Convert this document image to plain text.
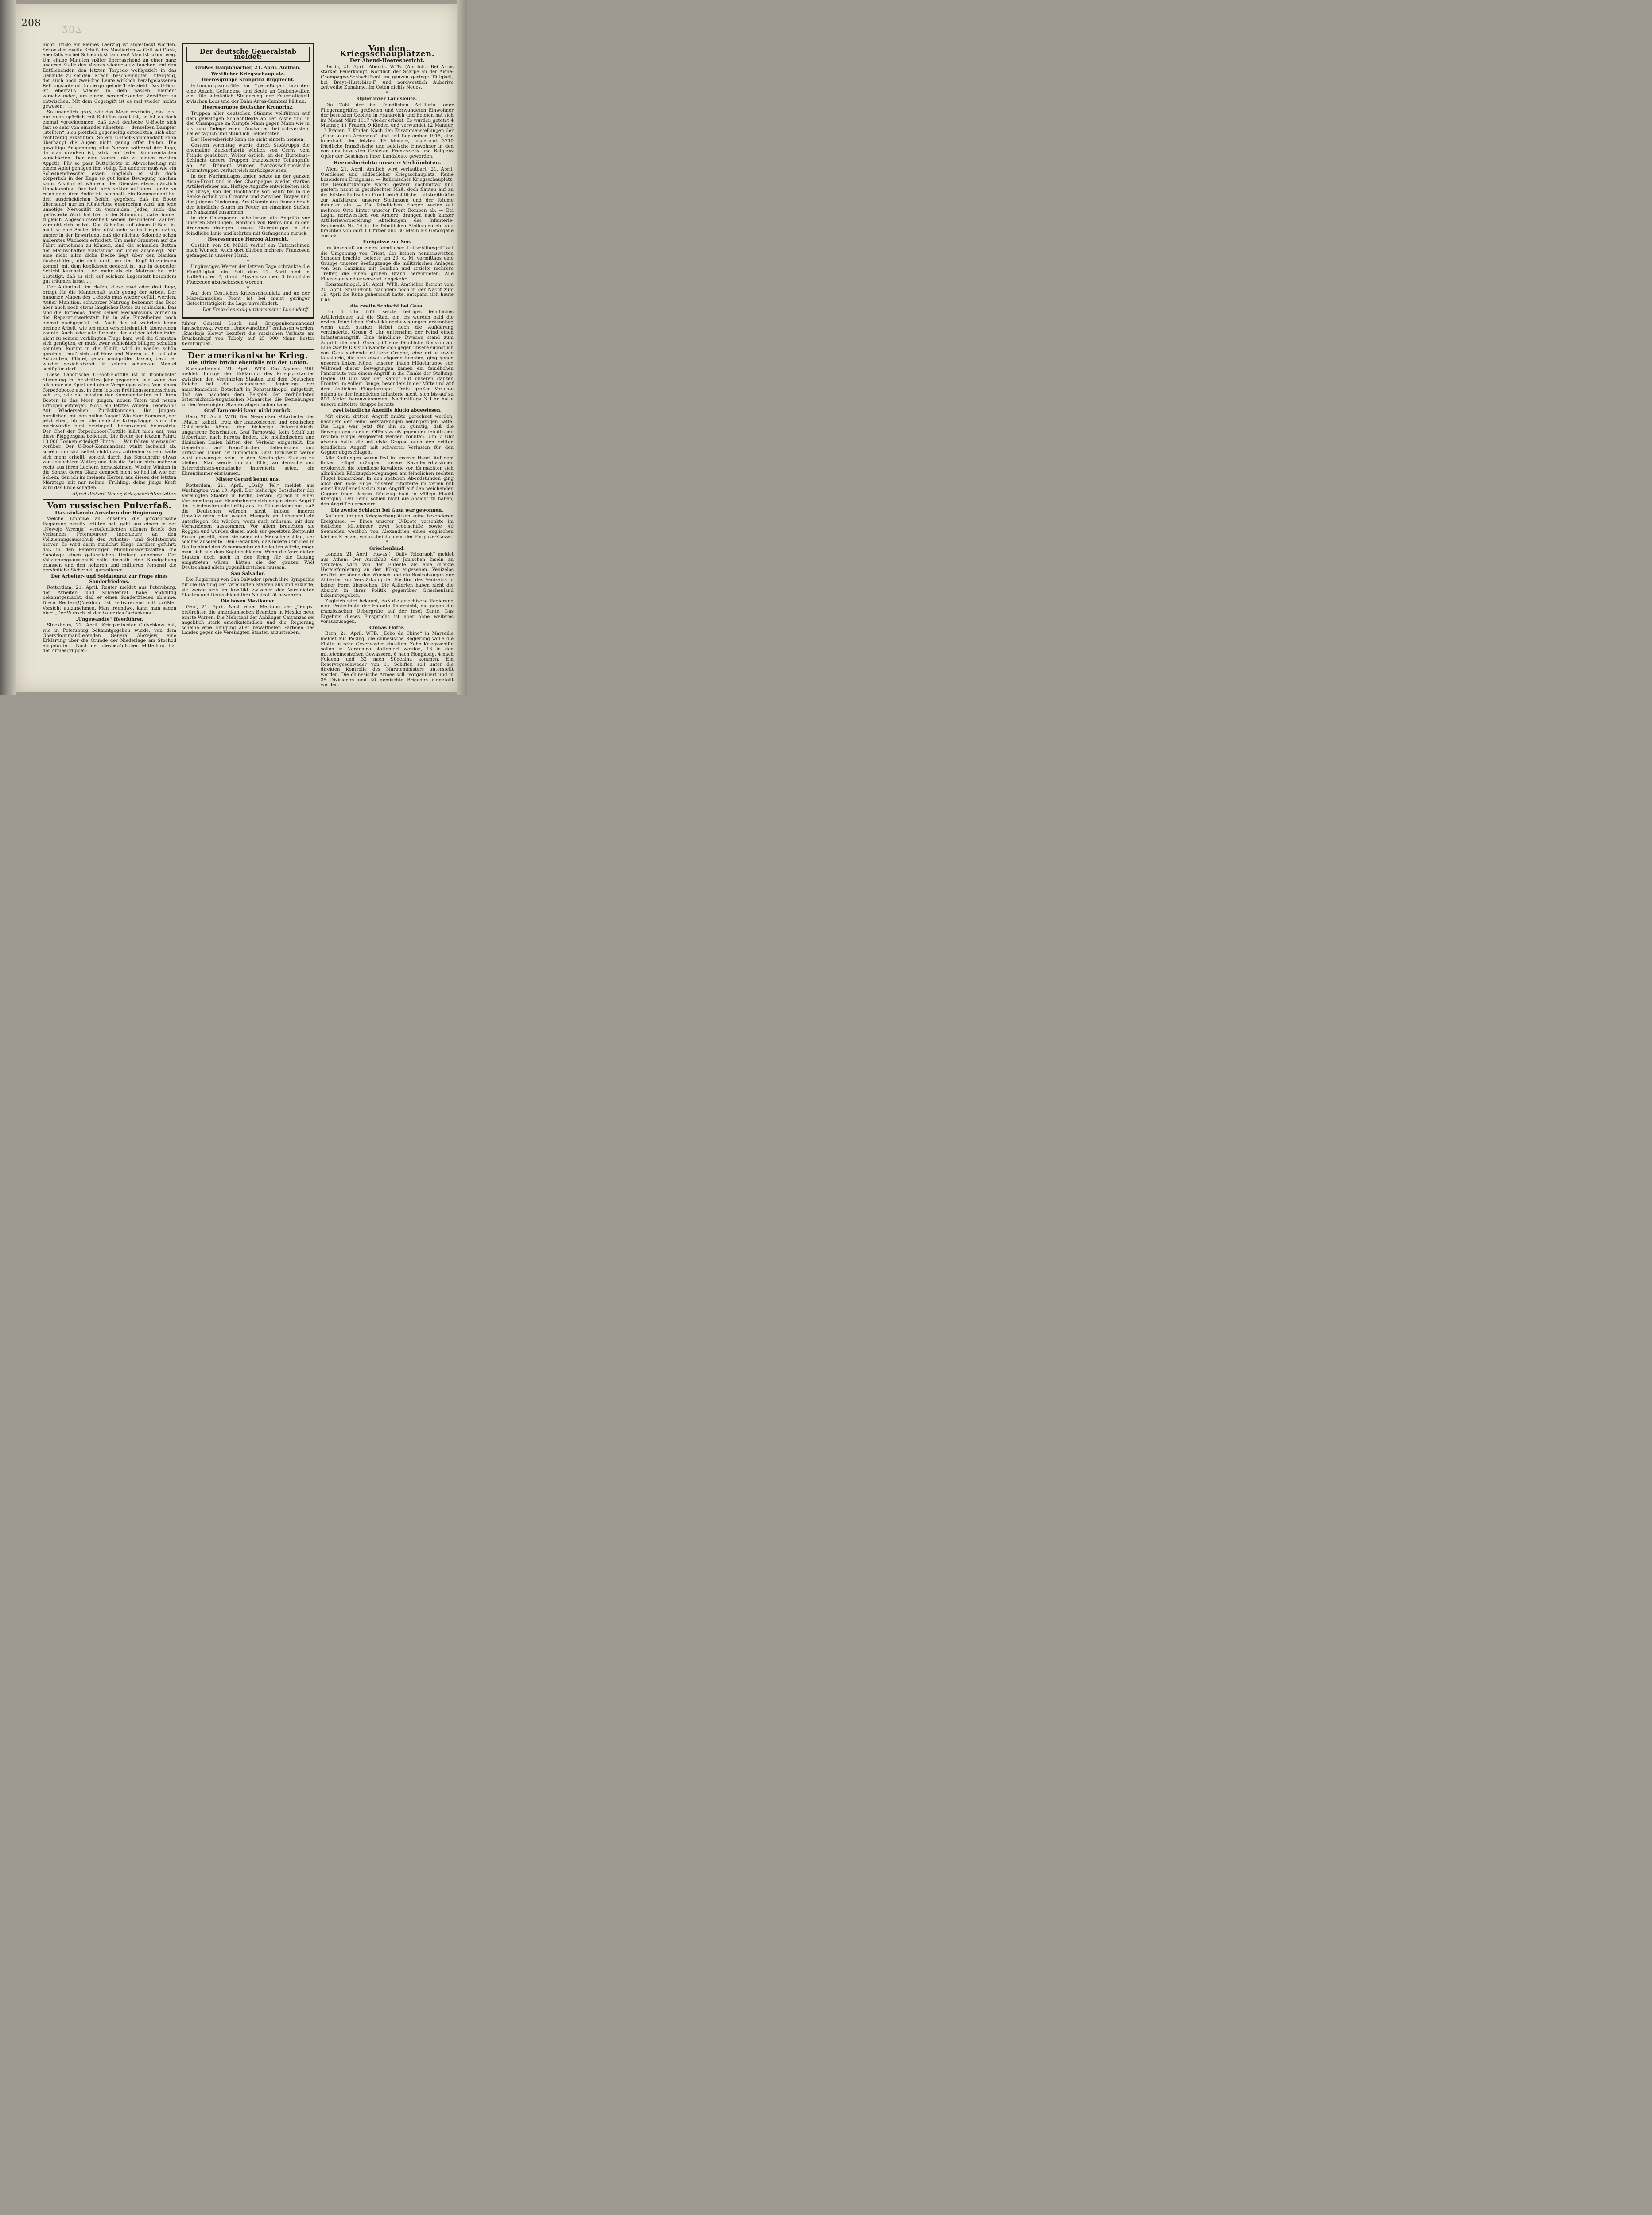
208 207

nicht. Trick: ein kleines Leerzug ist angesteckt worden. Schon der zweite Schuß des Mastierten — Gott sei Dank, ebenfalls vorbei Schleunigst tauchen! Man ist schon weg. Um einige Minuten später überraschend an einer ganz anderen Stelle des Meeres wieder aufzutauchen und den Entfliehenden den letzten Torpedo wohlgezielt in das Gebäude zu senden. Krach, beschleunigter Untergang, der auch noch zwei-drei Leute wirklich herabgelassenen Rettungsbote mit in die gurgelnde Tiefe zieht. Das U-Boot ist ebenfalls wieder in dem nassen Element verschwunden, um einem heranrückenden Zerstörer zu entwischen. Mit dem Gegengift ist es mal wieder nichts gewesen. . . .

So unendlich groß, wie das Meer erscheint, das jetzt nur noch spärlich mit Schiffen gesät ist, so ist es doch einmal vorgekommen, daß zwei deutsche U-Boote sich fast so sehr von einander näherten — denselben Dampfer „stellten“, sich plötzlich gegenseitig entdeckten, sich aber rechtzeitig erkannten. So ein U-Boot-Kommandant kann überhaupt die Augen nicht genug offen halten. Die gewaltige Anspannung aller Nerven während der Tage, da man draußen ist, wirkt auf jeden Kommandanten verschieden. Der eine kommt nie zu einem rechten Appetit. Für so paar Butterbröte in Abwechselung mit einem Apfel genügen ihm völlig. Ein anderer muß wie ein Scheunendrescher essen, obgleich er sich doch körperlich in der Enge so gut keine Bewegung machen kann. Alkohol ist während des Dienstes etwas gänzlich Unbekanntes. Das holt sich später auf dem Lande so reich nach dem Bedürfnis nachholt. Ein Kommandant hat den ausdrücklichen Befehl gegeben, daß im Boote überhaupt nur im Flüstertone gesprochen wird, um jede unnötige Nervosität zu vermeiden. Jedes, auch das geflüsterte Wort, hat hier in der Stimmung, dabei immer zugleich Abgeschlossenheit seinen besonderen Zauber, versteht sich selbst. Das Schlafen auf einem U-Boot ist auch so eine Sache. Man döst mehr so im Liegen dahin, immer in der Erwartung, daß die nächste Sekunde schon äußerstes Wachsein erfordert. Um mehr Granaten auf die Fahrt mitnehmen zu können, sind die schmalen Betten der Mannschaften vollständig mit ihnen ausgelegt. Nur eine nicht allzu dicke Decke liegt über den blanken Zuckerhüten, die sich dort, wo der Kopf hinzuliegen kommt, mit dem Kopfkissen gedacht ist, gar in doppelter Schicht kuscheln. Und mehr als ein Matrose hat mir bestätigt, daß es sich auf solchem Lagerstatt besonders gut träumen lasse. . . .

Der Aufenthalt im Hafen, diese zwei oder drei Tage, bringt für die Mannschaft auch genug der Arbeit. Der hungrige Magen des U-Boots muß wieder gefüllt werden. Außer Munition, schwarzer Nahrung bekommt das Boot aber auch noch etwas längliches Rotes zu schlucken. Das sind die Torpedos, deren seiner Mechanismus vorher in der Reparaturwerkstatt bis in alle Einzelheiten noch einmal nachgeprüft ist. Auch das ist wahrlich keine geringe Arbeit, wie ich mich verschiedentlich überzeugen konnte. Auch jeder alte Torpedo, der auf der letzten Fahrt nicht zu seinem verhängten Fluge kam, weil die Granaten sich genügten, er mußt zwar schließlich billiger, schaffen konnten, kommt in die Klinik, wird in wieder schön gereinigt, muß sich auf Herz und Nieren, d. h. auf alle Schrauben, Flügel, genau nachprüfen lassen, bevor er wieder gesichtsbereit in seinen schlanken Mantel schlüpfen darf. . . .

Diese flandrische U-Boot-Flottille ist in fröhlichster Stimmung in ihr drittes Jahr gegangen, wie wenn das alles nur ein Spiel und eines Vergnügen wäre. Von einem Torpedoboote aus, in dem letzten Frühlingssonnenschein, sah ich, wie die meisten der Kommandanten mit ihren Booten in das Meer gingen, neuen Taten und neuen Erfolgen entgegen. Noch ein letztes Winken. Lebewohl! Auf Wiedersehen! Zurückkommen, Ihr Jungen, herzlichen, mit den hellen Augen! Wie Euer Kamerad, der jetzt eben, hinten die deutsche Kriegsflagge, vorn die merkwürdig bunt bewimpelt, herankommt heimwärts. Der Chef der Torpedoboot-Flottille klärt mich auf, was diese Flaggengala bedeutet. Die Beute der letzten Fahrt: 13 000 Tonnen erledigt! Hurra! — Wir fahren aneinander vorüber. Der U-Boot-Kommandant winkt lächelnd ab, scheint mir sich selbst nicht ganz zufrieden zu sein hatte sich mehr erhofft; spricht durch das Sprachrohr etwas von schlechtem Wetter, und daß die Ratten nicht mehr so recht aus ihren Löchern herauskämen. Wieder Winken in die Sonne, deren Glanz dennoch nicht so hell ist wie der Schein, den ich im meinem Herzen aus diesen der letzten Märztage mit mir nehme. Frühling, deine junge Kraft wird das Ende schaffen!

Alfred Richard Neuer, Kriegsberichterstatter.
Vom russischen Pulverfaß.
Das sinkende Ansehen der Regierung.

Welche Einbuße an Ansehen die provisorische Regierung bereits erlitten hat, geht aus einem in der „Nowoje Wremja“ veröffentlichten offenen Briefe des Verbandes Petersburger Ingenieure an den Vollziehungsausschuß des Arbeiter- und Soldatenrats hervor. Es wird darin zunächst Klage darüber geführt, daß in den Petersburger Munitionswerkstätten die Sabotage einen gefährlichen Umfang annehme. Der Vollziehungsausschuß solle deshalb eine Kundgebung erlassen und den höheren und mittleren Personal die persönliche Sicherheit garantieren.

Der Arbeiter- und Soldatenrat zur Frage eines Sonderfriedens.

Rotterdam, 21. April. Reuter meldet aus Petersburg, der Arbeiter- und Soldatenrat habe endgültig bekanntgemacht, daß er einen Sonderfrieden ablehne. Diese Reuter-(!)Meldung ist selbstredend mit größter Vorsicht aufzunehmen. Man irgendwo, kann man sagen hier: „Der Wunsch ist der Vater des Gedankens.“

„Ungewandte“ Heerführer.

Stockholm, 21. April. Kriegsminister Gutschkow hat, wie in Petersburg bekanntgegeben wurde, von dem Oberstkommandierenden, General Alexejew, eine Erklärung über die Gründe der Niederlage am Stochod eingefordert. Nach der diesbezüglichen Mitteilung hat der Armeegruppen-

Der deutsche Generalstab meldet:
Großes Hauptquartier, 21. April. Amtlich.
Westlicher Kriegsschauplatz.
Heeresgruppe Kronprinz Rupprecht.

Erkundungsvorstöße im Ypern-Bogen brachten eine Anzahl Gefangene und Beute an Grabenwaffen ein. Die allmählich Steigerung der Feuertätigkeit zwischen Loos und der Bahn Arras-Cambrai hält an.

Heeresgruppe deutscher Kronprinz.

Truppen aller deutschen Stämme vollführen auf dem gewaltigen Schlachtfelde an der Aisne und in der Champagne im Kampfe Mann gegen Mann wie in bis zum Todegetreuem Ausharren bei schwerstem Feuer täglich und stündlich Heldentaten.

Der Heeresbericht kann sie nicht einzeln nennen.

Gestern vormittag wurde durch Stoßtrupps die ehemalige Zuckerfabrik südlich von Cerny vom Feinde gesäubert. Weiter östlich, an der Hurtebise-Schlucht unsere Truppen französische Teilangriffe ab. Am Brimont wurden französisch-russische Sturmtruppen verlustreich zurückgewiesen.

In den Nachmittagsstunden setzte an der ganzen Aisne-Front und in der Champagne wieder starkes Artilleriefeuer ein. Heftige Angriffe entwickelten sich bei Braye, von der Hochfläche von Vailly bis in die Senke östlich von Craonne und zwischen Brayes und der Juignes-Niederung. Am Chemin des Dames brach der feindliche Sturm im Feuer, an einzelnen Stellen im Nahkampf zusammen.

In der Champagne scheiterten die Angriffe vor unseren Stellungen. Nördlich von Reims und in den Argonnen drangen unsere Sturmtrupps in die feindliche Linie und kehrten mit Gefangenen zurück.

Heeresgruppe Herzog Albrecht.

Oestlich von St. Mihiel verlief ein Unternehmen nach Wunsch. Auch dort blieben mehrere Franzosen gefangen in unserer Hand.

*

Ungünstiges Wetter der letzten Tage schränkte die Flugtätigkeit ein. Seit dem 17. April sind in Luftkämpfen 7, durch Abwehrkanonen 3 feindliche Flugzeuge abgeschossen worden.

*

Auf dem Oestlichen Kriegsschauplatz und an der Mazedonischen Front ist bei meist geringer Gefechtstätigkeit die Lage unverändert.

Der Erste Generalquartiermeister, Ludendorff.

führer General Lesch und Gruppenkommandant Januschewski wegen „Ungewandtheit“ entlassen worden. „Russkoje Slowo“ beziffert die russischen Verluste am Brückenkopf von Toboly auf 25 000 Mann bester Kerntruppen.

Der amerikanische Krieg.
Die Türkei bricht ebenfalls mit der Union.

Konstantinopel, 21. April. WTB. Die Agence Milli meldet: Infolge der Erklärung des Kriegszustandes zwischen den Vereinigten Staaten und dem Deutschen Reiche hat die osmanische Regierung der amerikanischen Botschaft in Konstantinopel mitgeteilt, daß sie, nachdem dem Beispiel der verbündeten österreichisch-ungarischen Monarchie die Beziehungen zu den Vereinigten Staaten abgebrochen habe.

Graf Tarnowski kann nicht zurück.

Bern, 20. April. WTB. Der Newyorker Mitarbeiter des „Matin“ kabelt, trotz der französischen und englischen Geleitbriefe könne der bisherige österreichisch-ungarische Botschafter, Graf Tarnowski, kein Schiff zur Ueberfahrt nach Europa finden. Die holländischen und dänischen Linien hätten den Verkehr eingestellt. Die Ueberfahrt auf französischen, italienischen und britischen Linien sei unmöglich. Graf Tarnowski werde wohl gezwungen sein, in den Vereinigten Staaten zu bleiben. Man werde ihn auf Ellis, wo deutsche und österreichisch-ungarische Internierte seien, ein Ehrenzimmer einräumen.

Mister Gerard kennt uns.

Rotterdam, 21. April. „Daily Tel.“ meldet aus Washington vom 19. April: Der bisherige Botschafter der Vereinigten Staaten in Berlin, Gerard, sprach in einer Versammlung von Eisenbahnern sich gegen einen Angriff der Friedensfreunde heftig aus. Er führte dabei aus, daß die Deutschen würden nicht infolge innerer Umwälzungen oder wegen Mangels an Lebensmitteln unterliegen. Sie würden, wenn auch mühsam, mit dem Vorhandenen auskommen. Vor allem brauchten sie Roggen und würden diesen auch zur gesetzten Zeitpunkt Probe gestellt, aber sie seien ein Menschenschlag, der solches ausdiente. Den Gedanken, daß innere Unruhen in Deutschland den Zusammenbruch bedeuten würde, möge man sich aus dem Kopfe schlagen. Wenn die Vereinigten Staaten doch noch in den Krieg für die Leitung eingetreten wären, hätten sie der ganzen Welt Deutschland allein gegenüberstehen müssen.

San Salvador.

Die Regierung von San Salvador sprach ihre Sympathie für die Haltung der Vereinigten Staaten aus und erklärte, sie werde sich im Konflikt zwischen den Vereinigten Staaten und Deutschland ihre Neutralität bewahren.

Die bösen Mexikaner.

Genf, 21. April. Nach einer Meldung des „Temps“ befürchten die amerikanischen Beamten in Mexiko neue ernste Wirren. Die Mehrzahl der Anhänger Carranzas sei angeblich stark amerikafeindlich und die Regierung scheine eine Einigung aller bewaffneten Parteien des Landes gegen die Vereinigten Staaten anzustreben.

Von den Kriegsschauplätzen.
Der Abend-Heeresbericht.

Berlin, 21. April. Abends. WTB. (Amtlich.) Bei Arras starker Feuerkampf. Nördlich der Scarpe an der Aisne-Champagne-Schlachtfront im ganzen geringe Tätigkeit, bei Braye-Hurtebise-F. und nordwestlich Auberive zeitweilig Zunahme. Im Osten nichts Neues.

*
Opfer ihrer Landsleute.

Die Zahl der bei feindlichen Artillerie- oder Fliegerangriffen getöteten und verwundeten Einwohner der besetzten Gebiete in Frankreich und Belgien hat sich im Monat März 1917 wieder erhöht. Es wurden getötet 4 Männer, 11 Frauen, 9 Kinder, und verwundet 12 Männer, 13 Frauen, 7 Kinder. Nach den Zusammenstellungen der „Gazette des Ardennes“ sind seit September 1915, also innerhalb der letzten 19 Monate, insgesamt 2710 friedliche französische und belgische Einwohner in den von uns besetzten Gebieten Frankreichs und Belgiens Opfer der Geschosse ihrer Landsleute geworden.

Heeresberichte unserer Verbündeten.

Wien, 21. April. Amtlich wird verlautbart: 21. April. Oestlicher und südöstlicher Kriegsschauplatz. Keine besonderen Ereignisse. — Italienischer Kriegsschauplatz. Die Geschützkämpfe waren gestern nachmittag und gestern nacht in geschlechter Maß, doch flauten auf an der küstenländischen Front beträchtliche Luftstreitkräfte zur Aufklärung unserer Stellungen und der Räume dahinter ein. — Die feindlichen Flieger warfen auf mehrere Orte hinter unserer Front Bomben ab. — Bei Laghi, nordwestlich von Arsiero, drangen nach kurzer Artillerievorbereitung Abteilungen des Infanterie-Regiments Nr. 14 in die feindlichen Stellungen ein und brachten von dort 1 Offizier und 30 Mann als Gefangene zurück.

Ereignisse zur See.

Im Anschluß an einen feindlichen Luftschiffangriff auf die Umgebung von Triest, der keinen nennenswerten Schaden brachte, belegte am 20. d. M. vormittags eine Gruppe unserer Seeflugzeuge die militärischen Anlagen von San Canziano mit Bomben und erzielte mehrere Treffer, die einen großen Brand hervorriefen. Alle Flugzeuge sind unversehrt eingekehrt.

Konstantinopel, 20. April. WTB. Amtlicher Bericht vom 20. April. Sinai-Front. Nachdem noch in der Nacht zum 19. April die Ruhe geherrscht hatte, entspann sich heute früh

die zweite Schlacht bei Gaza.

Um 5 Uhr früh setzte heftiges feindliches Artilleriefeuer auf die Stadt ein. Es wurden bald die ersten feindlichen Entwicklungsbewegungen erkennbar, wenn auch starker Nebel noch die Aufklärung verhinderte. Gegen 8 Uhr unternahm der Feind einen Infanterieangriff. Eine feindliche Division stand zum Angriff, die nach Gaza griff eine feindliche Division an. Eine zweite Division wandte sich gegen unsere südöstlich von Gaza stehende mittlere Gruppe, eine dritte sowie Kavallerie, die sich etwas zögernd benahm, ging gegen unseren linken Flügel unserer linken Flügelgruppe vor. Während dieser Bewegungen kamen ein feindlichen Panzerauto von einem Angriff in die Flanke der Stellung. Gegen 10 Uhr war der Kampf auf unseren ganzen Fronten im vollem Gange, besonders in der Mitte und auf dem östlichen Flügelgruppe. Trotz großer Verluste gelang es der feindlichen Infanterie nicht, sich bis auf zu 800 Meter heranzukommen. Nachmittags 3 Uhr hatte unsere mittelste Gruppe bereits

zwei feindliche Angriffe blutig abgewiesen.

Mit einem dritten Angriff mußte gerechnet werden, nachdem der Feind Verstärkungen herangezogen hatte. Die Lage war jetzt für ihn so günstig, daß die Bewegungen zu einer Offensivstoß gegen den feindlichen rechten Flügel eingeleitet werden konnten. Um 7 Uhr abends hatte die mittelste Gruppe auch den dritten feindlichen Angriff mit schweren Verlusten für den Gegner abgeschlagen.

Alle Stellungen waren fest in unserer Hand. Auf dem linken Flügel drängten unsere Kavalleriedivisionen erfolgreich die feindliche Kavallerie vor. Es machten sich allmählich Rückzugsbewegungen am feindlichen rechten Flügel bemerkbar. In den späteren Abendstunden ging auch der linke Flügel unserer Infanterie im Verein mit einer Kavalleriedivision zum Angriff auf den weichenden Gegner über, dessen Rückzug bald in völlige Flucht überging. Der Feind schien nicht die Absicht zu haben, den Angriff zu erneuern.

Die zweite Schlacht bei Gaza war gewonnen.

Auf den übrigen Kriegsschauplätzen keine besonderen Ereignisse. — Eines unserer U-Boote versenkte im östlichen Mittelmeer zwei Segelschiffe sowie 40 Seemeilen westlich von Alexandrien einen englischen kleinen Kreuzer, wahrscheinlich von der Forglove-Klasse.

*
Griechenland.

London, 21. April. (Havas.) „Daily Telegraph“ meldet aus Athen: Der Anschluß der Jonischen Inseln an Venizelos wird von der Entente als eine direkte Herausforderung an den König angesehen. Venizelos erklärt, er könne den Wunsch und die Bestrebungen der Alliierten zur Verstärkung der Position des Venizelos in keiner Form übergehen. Die Alliierten haben nicht die Absicht in ihrer Politik gegenüber Griechenland bekanntgegeben.

Zugleich wird bekannt, daß die griechische Regierung eine Protestnote der Entente überreicht, die gegen die französischen Uebergriffe auf der Insel Zante. Das Ergebnis dieses Einspruchs ist aber ohne weiteres vorauszusagen.

Chinas Flotte.

Bern, 21. April. WTB. „Echo de Chine“ in Marseille meldet aus Peking, die chinesische Regierung wolle die Flotte in zehn Geschwader einteilen. Zehn Kriegsschiffe sollen in Nordchina stationiert werden, 13 in den mittelchinesischen Gewässern, 6 nach Hongkong, 4 nach Fukieng und 32 nach Südchina kommen. Ein Reservegeschwader von 11 Schiffen soll unter die direkten Kontrolle des Marineministers unterstellt werden. Die chinesische Armee soll reorganisiert und in 35 Divisionen und 30 gemischte Brigaden eingeteilt werden.
